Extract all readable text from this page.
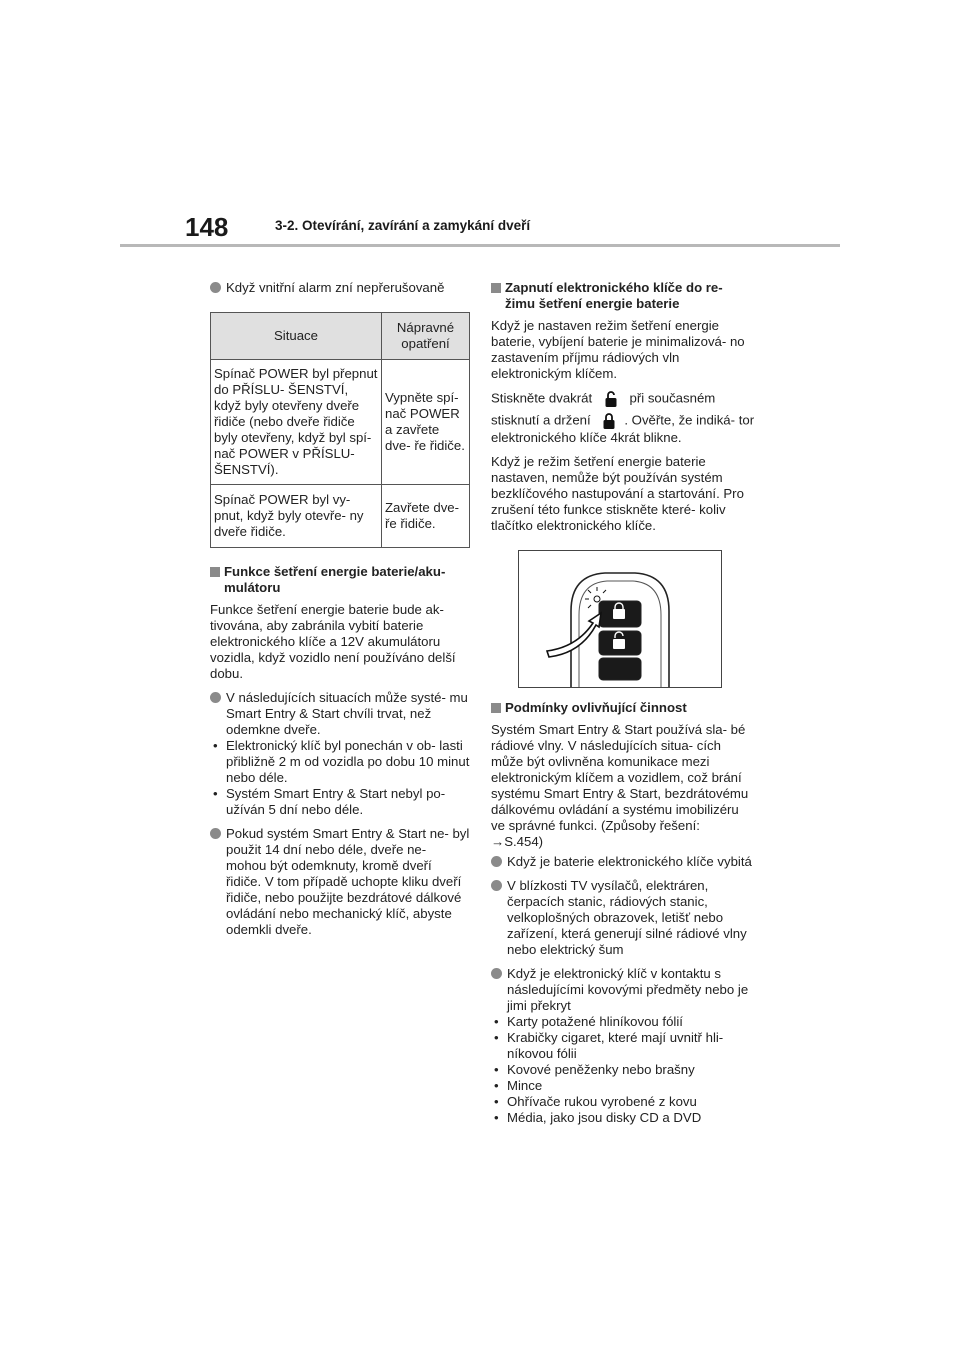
148	3-2. Otevírání, zavírání a zamykání dveří
Když vnitřní alarm zní nepřerušovaně
Situace	Nápravné opatření
Spínač POWER byl přepnut do PŘÍSLU- ŠENSTVÍ, když byly otevřeny dveře řidiče (nebo dveře řidiče byly otevřeny, když byl spí- nač POWER v PŘÍSLU- ŠENSTVÍ).	Vypněte spí- nač POWER a zavřete dve- ře řidiče.
Spínač POWER byl vy- pnut, když byly otevře- ny dveře řidiče.	Zavřete dve- ře řidiče.
Funkce šetření energie baterie/aku- mulátoru

Funkce šetření energie baterie bude ak- tivována, aby zabránila vybití baterie elektronického klíče a 12V akumulátoru vozidla, když vozidlo není používáno delší dobu.

V následujících situacích může systé- mu Smart Entry & Start chvíli trvat, než odemkne dveře.
• Elektronický klíč byl ponechán v ob- lasti přibližně 2 m od vozidla po dobu 10 minut nebo déle.
• Systém Smart Entry & Start nebyl po- užíván 5 dní nebo déle.
Pokud systém Smart Entry & Start ne- byl použit 14 dní nebo déle, dveře ne- mohou být odemknuty, kromě dveří řidiče. V tom případě uchopte kliku dveří řidiče, nebo použijte bezdrátové dálkové ovládání nebo mechanický klíč, abyste odemkli dveře.
Zapnutí elektronického klíče do re- žimu šetření energie baterie

Když je nastaven režim šetření energie baterie, vybíjení baterie je minimalizová- no zastavením příjmu rádiových vln elektronickým klíčem.

Stiskněte dvakrát	při současném

stisknutí a držení	. Ověřte, že indiká- tor elektronického klíče 4krát blikne.

Když je režim šetření energie baterie nastaven, nemůže být používán systém bezklíčového nastupování a startování. Pro zrušení této funkce stiskněte které- koliv tlačítko elektronického klíče.

Podmínky ovlivňující činnost

Systém Smart Entry & Start používá sla- bé rádiové vlny. V následujících situa- cích může být ovlivněna komunikace mezi elektronickým klíčem a vozidlem, což brání systému Smart Entry & Start, bezdrátovému dálkovému ovládání a systému imobilizéru ve správné funkci. (Způsoby řešení: →S.454)

Když je baterie elektronického klíče vybitá
V blízkosti TV vysílačů, elektráren, čerpacích stanic, rádiových stanic, velkoplošných obrazovek, letišť nebo zařízení, která generují silné rádiové vlny nebo elektrický šum
Když je elektronický klíč v kontaktu s následujícími kovovými předměty nebo je jimi překryt
• Karty potažené hliníkovou fólií
• Krabičky cigaret, které mají uvnitř hli- níkovou fólii
• Kovové peněženky nebo brašny
• Mince
• Ohřívače rukou vyrobené z kovu
• Média, jako jsou disky CD a DVD
